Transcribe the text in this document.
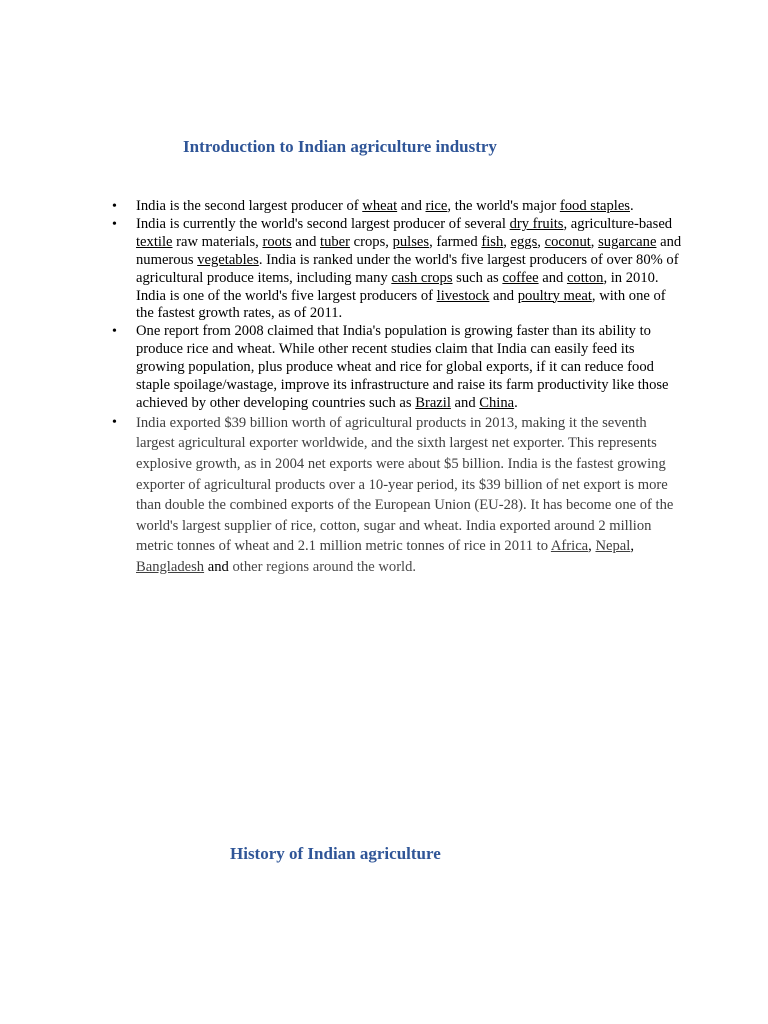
Introduction to Indian agriculture industry
• India is the second largest producer of wheat and rice, the world's major food staples.
• India is currently the world's second largest producer of several dry fruits, agriculture-based textile raw materials, roots and tuber crops, pulses, farmed fish, eggs, coconut, sugarcane and numerous vegetables. India is ranked under the world's five largest producers of over 80% of agricultural produce items, including many cash crops such as coffee and cotton, in 2010. India is one of the world's five largest producers of livestock and poultry meat, with one of the fastest growth rates, as of 2011.
• One report from 2008 claimed that India's population is growing faster than its ability to produce rice and wheat. While other recent studies claim that India can easily feed its growing population, plus produce wheat and rice for global exports, if it can reduce food staple spoilage/wastage, improve its infrastructure and raise its farm productivity like those achieved by other developing countries such as Brazil and China.
• India exported $39 billion worth of agricultural products in 2013, making it the seventh largest agricultural exporter worldwide, and the sixth largest net exporter. This represents explosive growth, as in 2004 net exports were about $5 billion. India is the fastest growing exporter of agricultural products over a 10-year period, its $39 billion of net export is more than double the combined exports of the European Union (EU-28). It has become one of the world's largest supplier of rice, cotton, sugar and wheat. India exported around 2 million metric tonnes of wheat and 2.1 million metric tonnes of rice in 2011 to Africa, Nepal, Bangladesh and other regions around the world.
History of Indian agriculture
